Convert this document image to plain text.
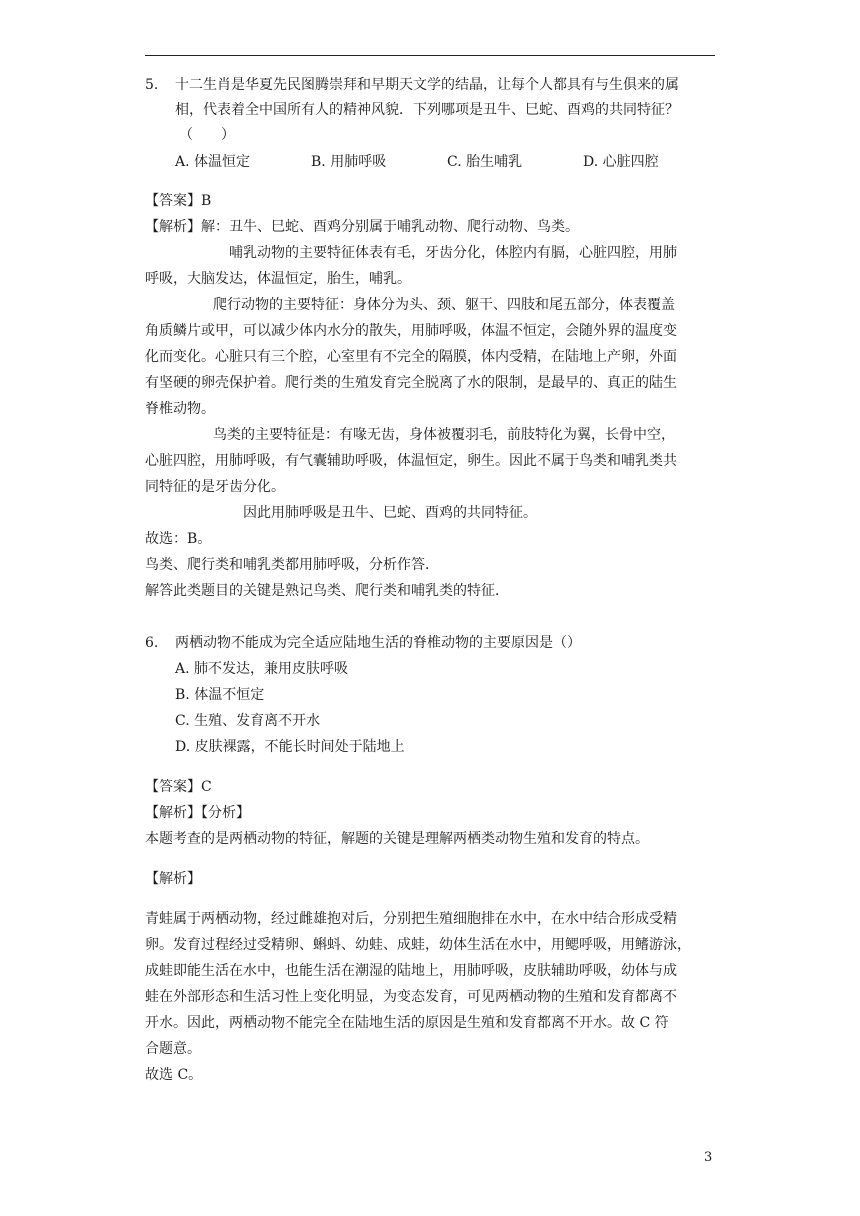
5. 十二生肖是华夏先民图腾崇拜和早期天文学的结晶，让每个人都具有与生俱来的属
相，代表着全中国所有人的精神风貌．下列哪项是丑牛、巳蛇、酉鸡的共同特征？
（　　）
A. 体温恒定	B. 用肺呼吸	C. 胎生哺乳	D. 心脏四腔
【答案】B
【解析】解：丑牛、巳蛇、酉鸡分别属于哺乳动物、爬行动物、鸟类。
哺乳动物的主要特征体表有毛，牙齿分化，体腔内有膈，心脏四腔，用肺
呼吸，大脑发达，体温恒定，胎生，哺乳。
爬行动物的主要特征：身体分为头、颈、躯干、四肢和尾五部分，体表覆盖
角质鳞片或甲，可以减少体内水分的散失，用肺呼吸，体温不恒定，会随外界的温度变
化而变化。心脏只有三个腔，心室里有不完全的隔膜，体内受精，在陆地上产卵，外面
有坚硬的卵壳保护着。爬行类的生殖发育完全脱离了水的限制，是最早的、真正的陆生
脊椎动物。
鸟类的主要特征是：有喙无齿，身体被覆羽毛，前肢特化为翼，长骨中空，
心脏四腔，用肺呼吸，有气囊辅助呼吸，体温恒定，卵生。因此不属于鸟类和哺乳类共
同特征的是牙齿分化。
因此用肺呼吸是丑牛、巳蛇、酉鸡的共同特征。
故选：B。
鸟类、爬行类和哺乳类都用肺呼吸，分析作答．
解答此类题目的关键是熟记鸟类、爬行类和哺乳类的特征．
6. 两栖动物不能成为完全适应陆地生活的脊椎动物的主要原因是（）
A. 肺不发达，兼用皮肤呼吸
B. 体温不恒定
C. 生殖、发育离不开水
D. 皮肤裸露，不能长时间处于陆地上
【答案】C
【解析】【分析】
本题考查的是两栖动物的特征，解题的关键是理解两栖类动物生殖和发育的特点。
【解析】
青蛙属于两栖动物，经过雌雄抱对后，分别把生殖细胞排在水中，在水中结合形成受精
卵。发育过程经过受精卵、蝌蚪、幼蛙、成蛙，幼体生活在水中，用鳃呼吸，用鳍游泳，
成蛙即能生活在水中，也能生活在潮湿的陆地上，用肺呼吸，皮肤辅助呼吸，幼体与成
蛙在外部形态和生活习性上变化明显，为变态发育，可见两栖动物的生殖和发育都离不
开水。因此，两栖动物不能完全在陆地生活的原因是生殖和发育都离不开水。故 C 符
合题意。
故选 C。
3
